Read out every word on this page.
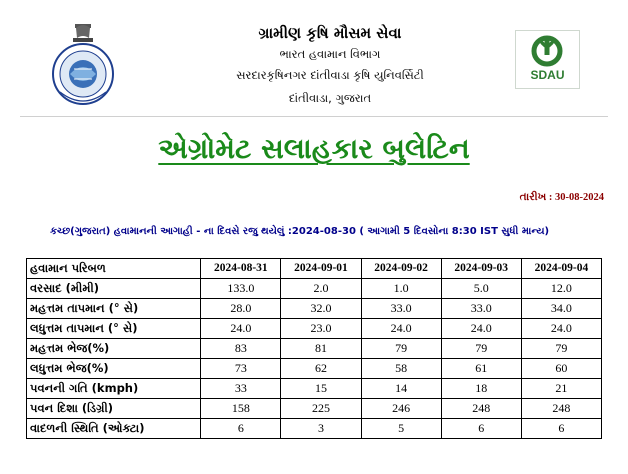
ગ્રામીણ કૃષિ મૌસમ સેવા
ભારત હવામાન વિભાગ
સરદારકૃષિનગર દાંતીવાડા કૃષિ યુનિવર્સિટી
દાંતીવાડા, ગુજરાત
SDAU
એગ્રોમેટ સલાહકાર બુલેટિન
તારીખ : 30-08-2024
કચ્છ(ગુજરાત) હવામાનની આગાહી - ના દિવસે રજુ થયેલું :2024-08-30 ( આગામી 5 દિવસોના 8:30 IST સુધી માન્ય)
હવામાન પરિબળ	2024-08-31	2024-09-01	2024-09-02	2024-09-03	2024-09-04
વરસાદ (મીમી)	133.0	2.0	1.0	5.0	12.0
મહત્તમ તાપમાન (° સે)	28.0	32.0	33.0	33.0	34.0
લધુત્તમ તાપમાન (° સે)	24.0	23.0	24.0	24.0	24.0
મહત્તમ ભેજ(%)	83	81	79	79	79
લધુત્તમ ભેજ(%)	73	62	58	61	60
પવનની ગતિ (kmph)	33	15	14	18	21
પવન દિશા (ડિગ્રી)	158	225	246	248	248
વાદળની સ્થિતિ (ઓક્ટા)	6	3	5	6	6
